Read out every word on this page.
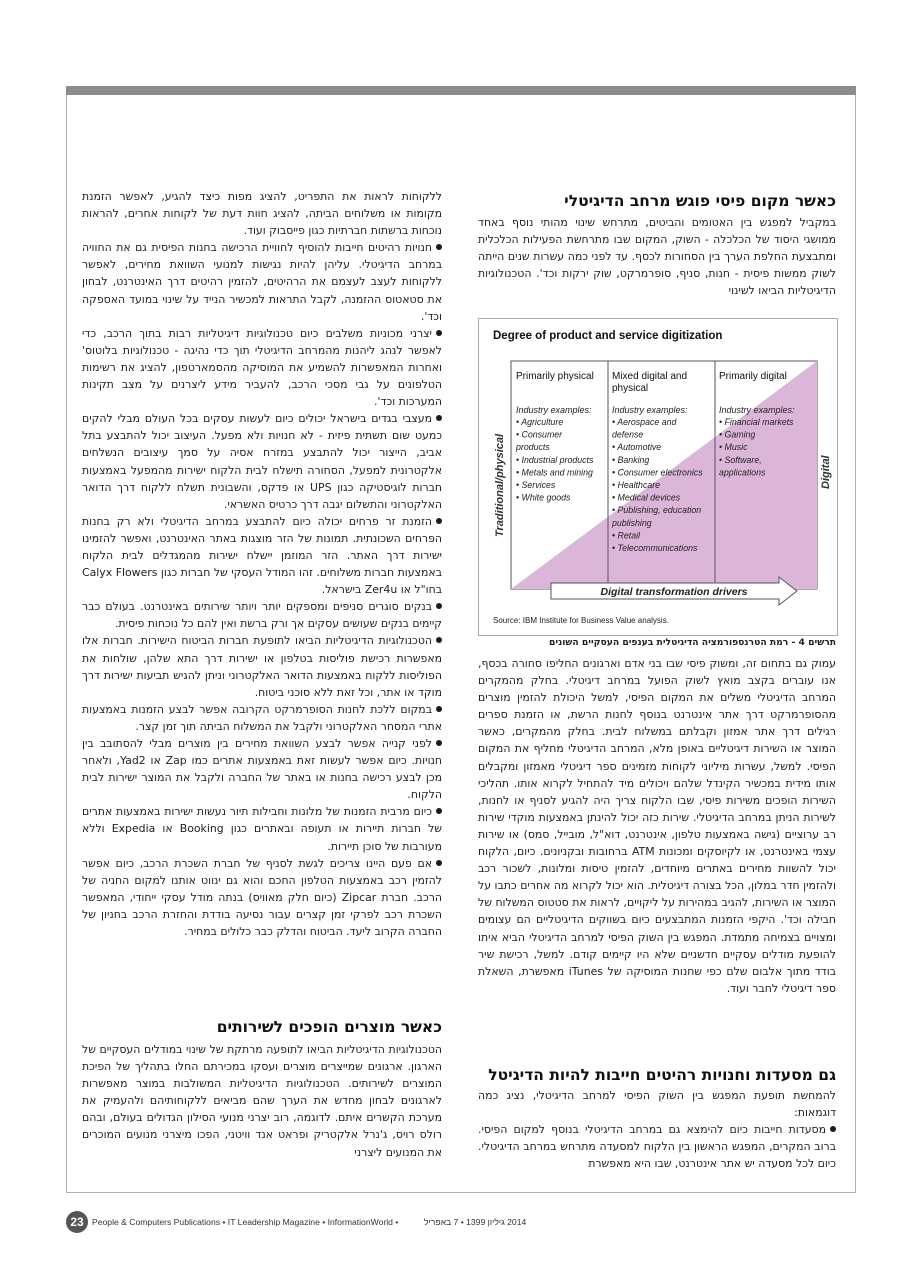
כאשר מקום פיסי פוגש מרחב הדיגיטלי

במקביל למפגש בין האטומים והביטים, מתרחש שינוי מהותי נוסף באחד ממושגי היסוד של הכלכלה - השוק, המקום שבו מתרחשת הפעילות הכלכלית ומתבצעת החלפת הערך בין הסחורות לכסף. עד לפני כמה עשרות שנים הייתה לשוק ממשות פיסית - חנות, סניף, סופרמרקט, שוק ירקות וכד'. הטכנולוגיות הדיגיטליות הביאו לשינוי

Degree of product and service digitization
Primarily physical Mixed digital and
physical
Primarily digital
Industry examples: Industry examples:	Industry examples:
• Agriculture
• Consumer
products
• Industrial products
• Metals and mining
• Services
• White goods
• Aerospace and
defense
• Automotive
• Banking
• Consumer electronics
• Healthcare
• Medical devices
• Publishing, education
publishing
• Retail
• Telecommunications
• Financial markets
• Gaming
• Music
• Software,
applications
Traditional/physical	Digital
Digital transformation drivers
Source: IBM Institute for Business Value analysis.
תרשים 4 - רמת הטרנספורמציה הדיגיטלית בענפים העסקיים השונים

עמוק גם בתחום זה, ומשוק פיסי שבו בני אדם וארגונים החליפו סחורה בכסף, אנו עוברים בקצב מואץ לשוק הפועל במרחב דיגיטלי. בחלק מהמקרים המרחב הדיגיטלי משלים את המקום הפיסי, למשל היכולת להזמין מוצרים מהסופרמרקט דרך אתר אינטרנט בנוסף לחנות הרשת, או הזמנת ספרים רגילים דרך אתר אמזון וקבלתם במשלוח לבית. בחלק מהמקרים, כאשר המוצר או השירות דיגיטליים באופן מלא, המרחב הדיגיטלי מחליף את המקום הפיסי. למשל, עשרות מיליוני לקוחות מזמינים ספר דיגיטלי מאמזון ומקבלים אותו מידית במכשיר הקינדל שלהם ויכולים מיד להתחיל לקרוא אותו. תהליכי השירות הופכים משירות פיסי, שבו הלקוח צריך היה להגיע לסניף או לחנות, לשירות הניתן במרחב הדיגיטלי. שירות כזה יכול להינתן באמצעות מוקדי שירות רב ערוציים (גישה באמצעות טלפון, אינטרנט, דוא"ל, מובייל, סמס) או שירות עצמי באינטרנט, או לקיוסקים ומכונות ATM ברחובות ובקניונים. כיום, הלקוח יכול להשוות מחירים באתרים מיוחדים, להזמין טיסות ומלונות, לשכור רכב ולהזמין חדר במלון, הכל בצורה דיגיטלית. הוא יכול לקרוא מה אחרים כתבו על המוצר או השירות, להגיב במהירות על ליקויים, לראות את סטטוס המשלוח של חבילה וכד'. היקפי הזמנות המתבצעים כיום בשווקים הדיגיטליים הם עצומים ומצויים בצמיחה מתמדת. המפגש בין השוק הפיסי למרחב הדיגיטלי הביא איתו להופעת מודלים עסקיים חדשניים שלא היו קיימים קודם. למשל, רכישת שיר בודד מתוך אלבום שלם כפי שחנות המוסיקה של iTunes מאפשרת, השאלת ספר דיגיטלי לחבר ועוד.

גם מסעדות וחנויות רהיטים חייבות להיות הדיגיטל

להמחשת תופעת המפגש בין השוק הפיסי למרחב הדיגיטלי, נציג כמה דוגמאות:

מסעדות חייבות כיום להימצא גם במרחב הדיגיטלי בנוסף למקום הפיסי. ברוב המקרים, המפגש הראשון בין הלקוח למסעדה מתרחש במרחב הדיגיטלי. כיום לכל מסעדה יש אתר אינטרנט, שבו היא מאפשרת

ללקוחות לראות את התפריט, להציג מפות כיצד להגיע, לאפשר הזמנת מקומות או משלוחים הביתה, להציג חוות דעת של לקוחות אחרים, להראות נוכחות ברשתות חברתיות כגון פייסבוק ועוד.

חנויות רהיטים חייבות להוסיף לחוויית הרכישה בחנות הפיסית גם את החוויה במרחב הדיגיטלי. עליהן להיות נגישות למנועי השוואת מחירים, לאפשר ללקוחות לעצב לעצמם את הרהיטים, להזמין רהיטים דרך האינטרנט, לבחון את סטאטוס ההזמנה, לקבל התראות למכשיר הנייד על שינוי במועד האספקה וכד'.

יצרני מכוניות משלבים כיום טכנולוגיות דיגיטליות רבות בתוך הרכב, כדי לאפשר לנהג ליהנות מהמרחב הדיגיטלי תוך כדי נהיגה - טכנולוגיות בלוטוס' ואחרות המאפשרות להשמיע את המוסיקה מהסמארטפון, להציג את רשימות הטלפונים על גבי מסכי הרכב, להעביר מידע ליצרנים על מצב תקינות המערכות וכד'.

מעצבי בגדים בישראל יכולים כיום לעשות עסקים בכל העולם מבלי להקים כמעט שום תשתית פיזית - לא חנויות ולא מפעל. העיצוב יכול להתבצע בתל אביב, הייצור יכול להתבצע במזרח אסיה על סמך עיצובים הנשלחים אלקטרונית למפעל, הסחורה תישלח לבית הלקוח ישירות מהמפעל באמצעות חברות לוגיסטיקה כגון UPS או פדקס, והשבונית תשלח ללקוח דרך הדואר האלקטרוני והתשלום יגבה דרך כרטיס האשראי.

הזמנת זר פרחים יכולה כיום להתבצע במרחב הדיגיטלי ולא רק בחנות הפרחים השכונתית. תמונות של הזר מוצגות באתר האינטרנט, ואפשר להזמינו ישירות דרך האתר. הזר המוזמן יישלח ישירות מהמגדלים לבית הלקוח באמצעות חברות משלוחים. זהו המודל העסקי של חברות כגון Calyx Flowers בחו"ל או Zer4u בישראל.

בנקים סוגרים סניפים ומספקים יותר ויותר שירותים באינטרנט. בעולם כבר קיימים בנקים שעושים עסקים אך ורק ברשת ואין להם כל נוכחות פיסית.

הטכנולוגיות הדיגיטליות הביאו לתופעת חברות הביטוח הישירות. חברות אלו מאפשרות רכישת פוליסות בטלפון או ישירות דרך התא שלהן, שולחות את הפוליסות ללקוח באמצעות הדואר האלקטרוני וניתן להגיש תביעות ישירות דרך מוקד או אתר, וכל זאת ללא סוכני ביטוח.

במקום ללכת לחנות הסופרמרקט הקרובה אפשר לבצע הזמנות באמצעות אתרי המסחר האלקטרוני ולקבל את המשלוח הביתה תוך זמן קצר.

לפני קנייה אפשר לבצע השוואת מחירים בין מוצרים מבלי להסתובב בין חנויות. כיום אפשר לעשות זאת באמצעות אתרים כמו Zap או Yad2, ולאחר מכן לבצע רכישה בחנות או באתר של החברה ולקבל את המוצר ישירות לבית הלקוח.

כיום מרבית הזמנות של מלונות וחבילות תיור נעשות ישירות באמצעות אתרים של חברות תיירות או תעופה ובאתרים כגון Booking או Expedia וללא מעורבות של סוכן תיירות.

אם פעם היינו צריכים לגשת לסניף של חברת השכרת הרכב, כיום אפשר להזמין רכב באמצעות הטלפון החכם והוא גם ינווט אותנו למקום החניה של הרכב. חברת Zipcar (כיום חלק מאוויס) בנתה מודל עסקי ייחודי, המאפשר השכרת רכב לפרקי זמן קצרים עבור נסיעה בודדת והחזרת הרכב בחניון של החברה הקרוב ליעד. הביטוח והדלק כבר כלולים במחיר.

כאשר מוצרים הופכים לשירותים

הטכנולוגיות הדיגיטליות הביאו לתופעה מרתקת של שינוי במודלים העסקיים של הארגון. ארגונים שמייצרים מוצרים ועסקו במכירתם החלו בתהליך של הפיכת המוצרים לשירותים. הטכנולוגיות הדיגיטליות המשולבות במוצר מאפשרות לארגונים לבחון מחדש את הערך שהם מביאים ללקוחותיהם ולהעמיק את מערכת הקשרים איתם. לדוגמה, רוב יצרני מנועי הסילון הגדולים בעולם, ובהם רולס רויס, ג'נרל אלקטריק ופראט אנד וויטני, הפכו מיצרני מנועים המוכרים את המנועים ליצרני

23 People & Computers Publications • IT Leadership Magazine • InformationWorld •	2014 גיליון 1399 • 7 באפריל
